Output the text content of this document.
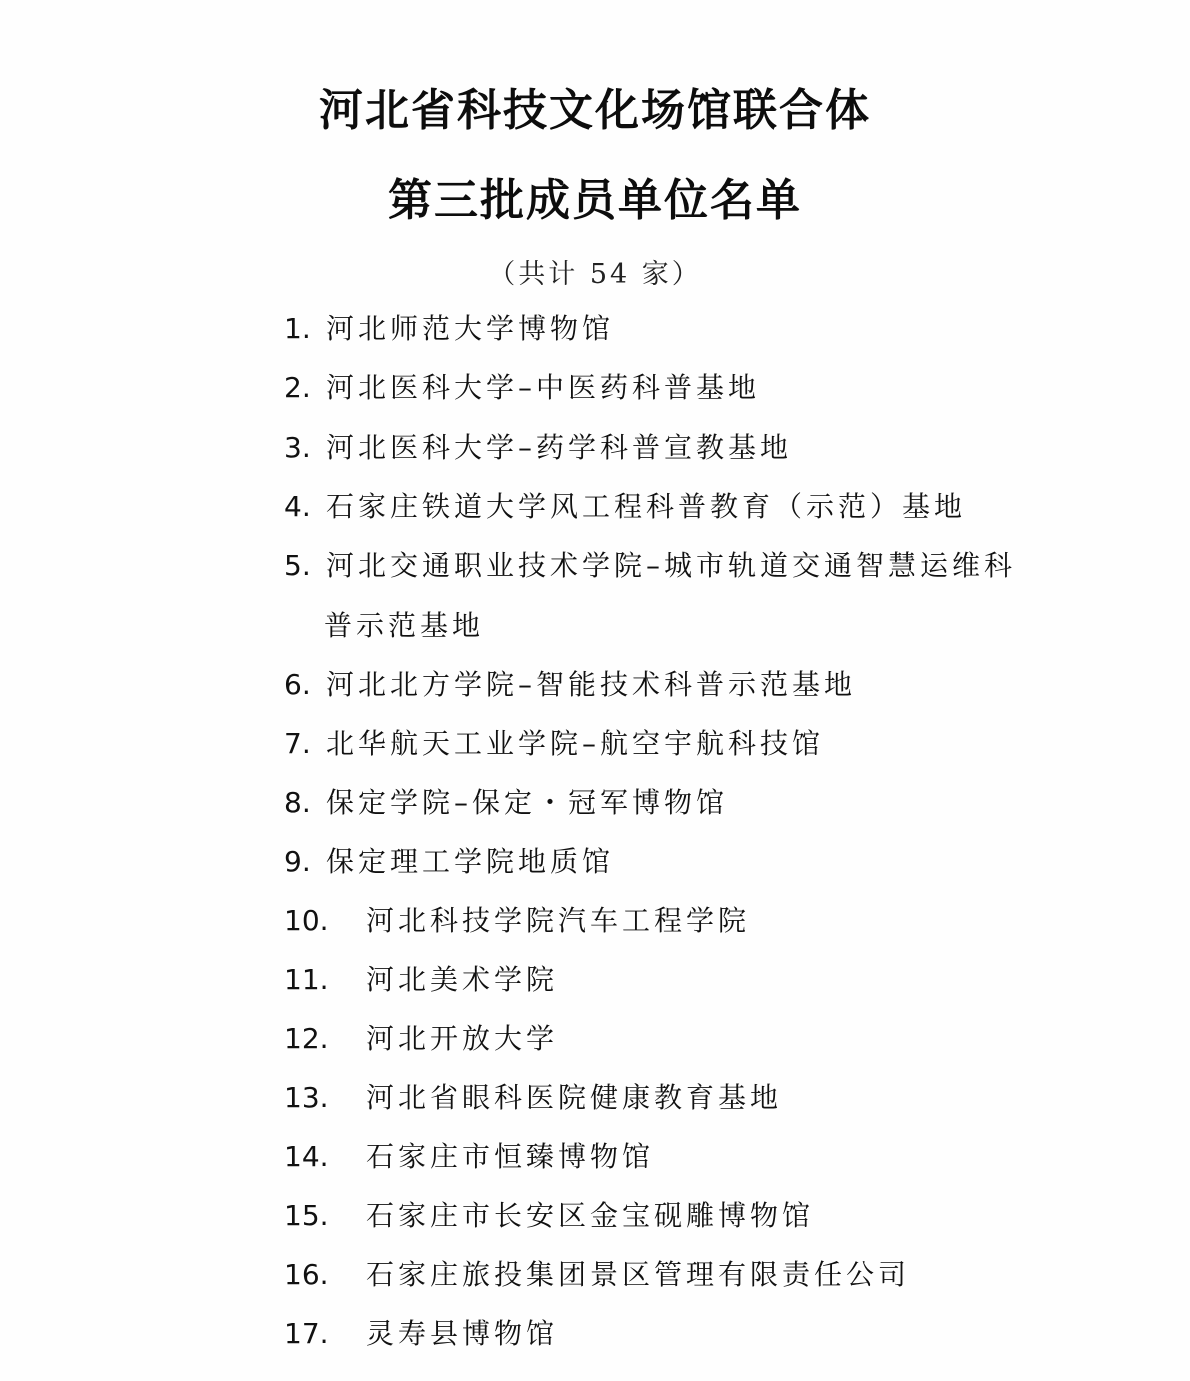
河北省科技文化场馆联合体
第三批成员单位名单
（共计 54 家）
1. 河北师范大学博物馆
2. 河北医科大学–中医药科普基地
3. 河北医科大学–药学科普宣教基地
4. 石家庄铁道大学风工程科普教育（示范）基地
5. 河北交通职业技术学院–城市轨道交通智慧运维科
普示范基地
6. 河北北方学院–智能技术科普示范基地
7. 北华航天工业学院–航空宇航科技馆
8. 保定学院–保定・冠军博物馆
9. 保定理工学院地质馆
10. 河北科技学院汽车工程学院
11. 河北美术学院
12. 河北开放大学
13. 河北省眼科医院健康教育基地
14. 石家庄市恒臻博物馆
15. 石家庄市长安区金宝砚雕博物馆
16. 石家庄旅投集团景区管理有限责任公司
17. 灵寿县博物馆
